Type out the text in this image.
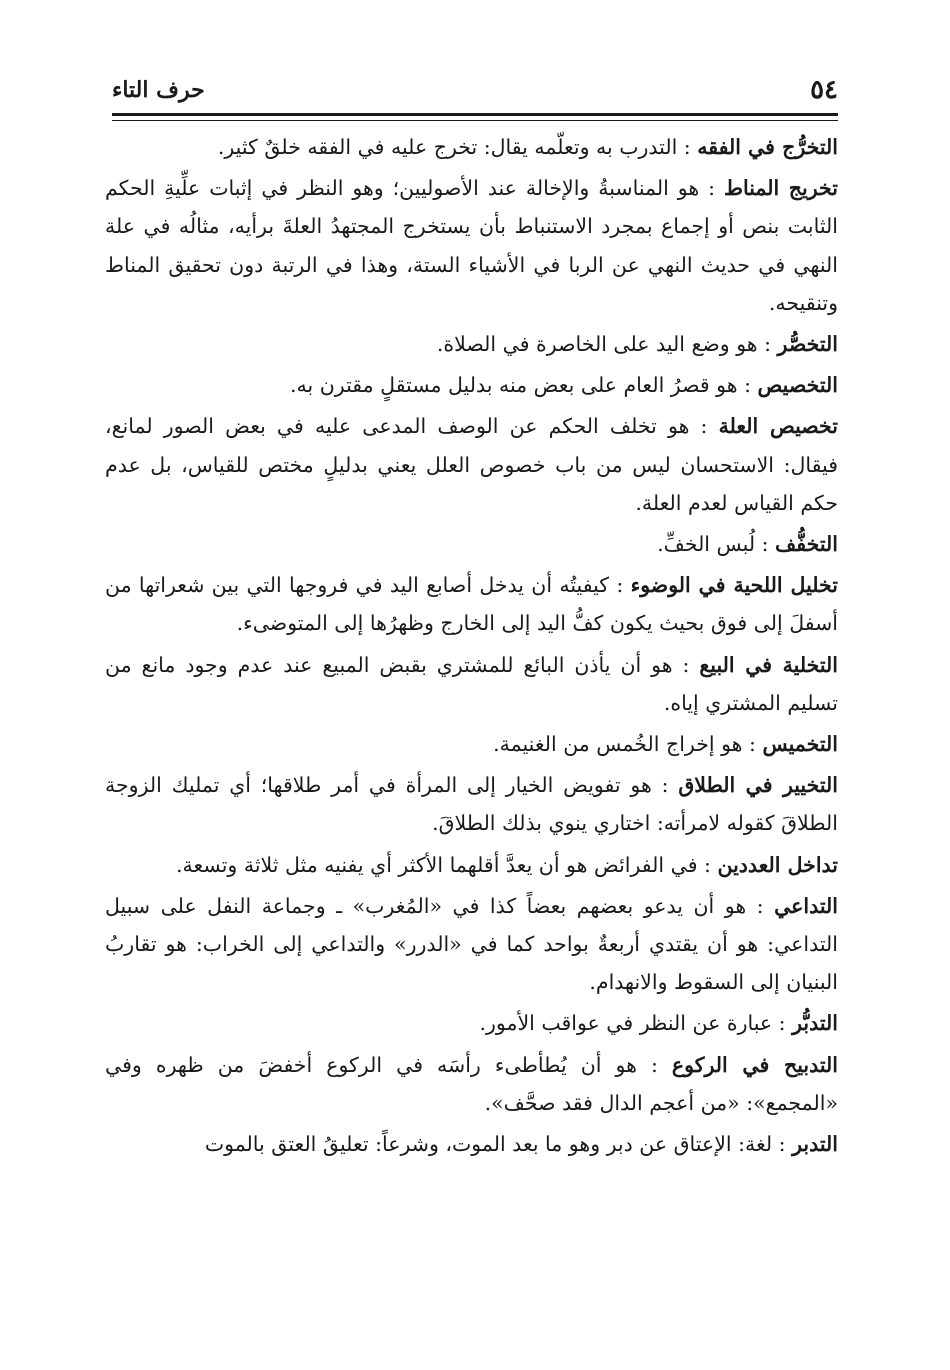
٥٤
حرف التاء

التخرُّج في الفقه : التدرب به وتعلّمه يقال: تخرج عليه في الفقه خلقٌ كثير.

تخريج المناط : هو المناسبةُ والإخالة عند الأصوليين؛ وهو النظر في إثبات علِّيةِ الحكم الثابت بنص أو إجماع بمجرد الاستنباط بأن يستخرج المجتهدُ العلةَ برأيه، مثالُه في علة النهي في حديث النهي عن الربا في الأشياء الستة، وهذا في الرتبة دون تحقيق المناط وتنقيحه.

التخصُّر : هو وضع اليد على الخاصرة في الصلاة.

التخصيص : هو قصرُ العام على بعض منه بدليل مستقلٍ مقترن به.

تخصيص العلة : هو تخلف الحكم عن الوصف المدعى عليه في بعض الصور لمانع، فيقال: الاستحسان ليس من باب خصوص العلل يعني بدليلٍ مختص للقياس، بل عدم حكم القياس لعدم العلة.

التخفُّف : لُبس الخفِّ.

تخليل اللحية في الوضوء : كيفيتُه أن يدخل أصابع اليد في فروجها التي بين شعراتها من أسفلَ إلى فوق بحيث يكون كفُّ اليد إلى الخارج وظهرُها إلى المتوضىء.

التخلية في البيع : هو أن يأذن البائع للمشتري بقبض المبيع عند عدم وجود مانع من تسليم المشتري إياه.

التخميس : هو إخراج الخُمس من الغنيمة.

التخيير في الطلاق : هو تفويض الخيار إلى المرأة في أمر طلاقها؛ أي تمليك الزوجة الطلاقَ كقوله لامرأته: اختاري ينوي بذلك الطلاقَ.

تداخل العددين : في الفرائض هو أن يعدَّ أقلهما الأكثر أي يفنيه مثل ثلاثة وتسعة.

التداعي : هو أن يدعو بعضهم بعضاً كذا في «المُغرب» ـ وجماعة النفل على سبيل التداعي: هو أن يقتدي أربعةٌ بواحد كما في «الدرر» والتداعي إلى الخراب: هو تقاربُ البنيان إلى السقوط والانهدام.

التدبُّر : عبارة عن النظر في عواقب الأمور.

التدبيح في الركوع : هو أن يُطأطىء رأسَه في الركوع أخفضَ من ظهره وفي «المجمع»: «من أعجم الدال فقد صحَّف».

التدبر : لغة: الإعتاق عن دبر وهو ما بعد الموت، وشرعاً: تعليقُ العتق بالموت
